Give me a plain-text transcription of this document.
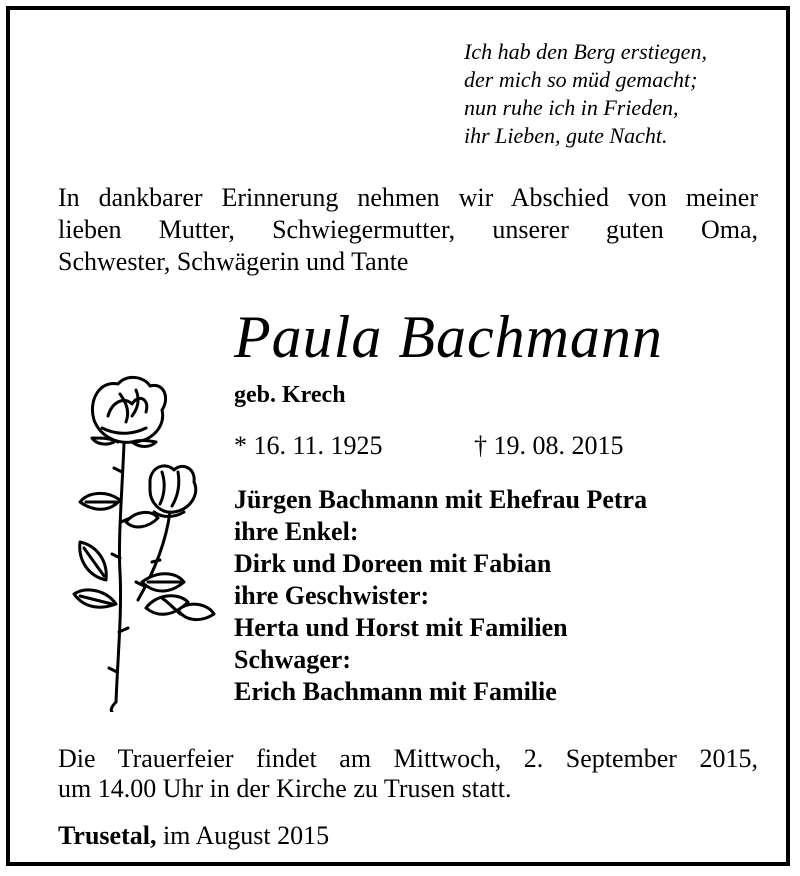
Ich hab den Berg erstiegen,
der mich so müd gemacht;
nun ruhe ich in Frieden,
ihr Lieben, gute Nacht.
In dankbarer Erinnerung nehmen wir Abschied von meiner
lieben Mutter, Schwiegermutter, unserer guten Oma,
Schwester, Schwägerin und Tante
Paula Bachmann
geb. Krech
* 16. 11. 1925	† 19. 08. 2015
Jürgen Bachmann mit Ehefrau Petra
ihre Enkel:
Dirk und Doreen mit Fabian
ihre Geschwister:
Herta und Horst mit Familien
Schwager:
Erich Bachmann mit Familie
Die Trauerfeier findet am Mittwoch, 2. September 2015,
um 14.00 Uhr in der Kirche zu Trusen statt.
Trusetal, im August 2015
